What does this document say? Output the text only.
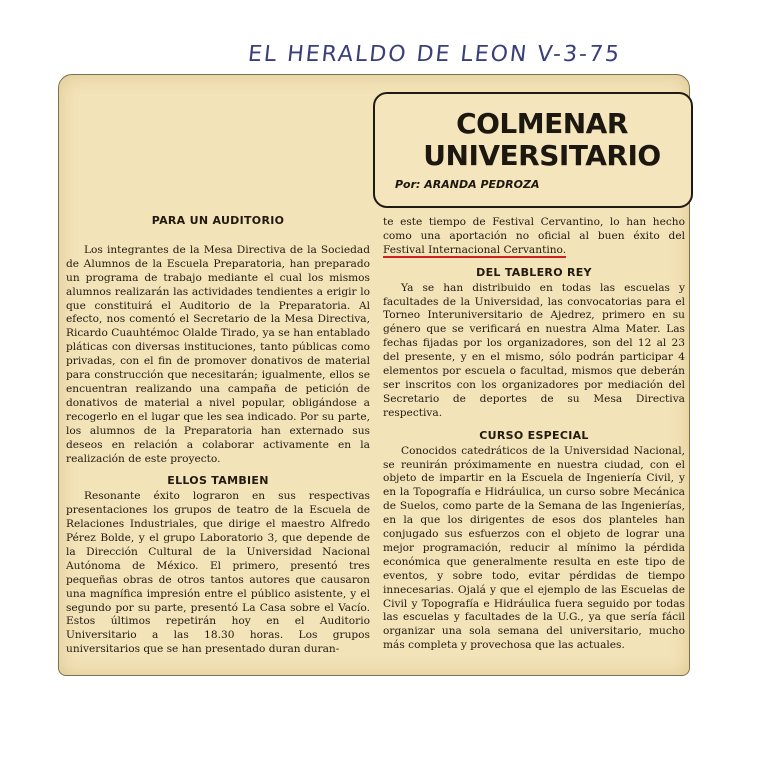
EL HERALDO DE LEON V-3-75
COLMENAR
UNIVERSITARIO
Por: ARANDA PEDROZA
PARA UN AUDITORIO

Los integrantes de la Mesa Directiva de la Sociedad de Alumnos de la Escuela Preparatoria, han preparado un programa de trabajo mediante el cual los mismos alumnos realizarán las actividades tendientes a erigir lo que constituirá el Auditorio de la Preparatoria. Al efecto, nos comentó el Secretario de la Mesa Directiva, Ricardo Cuauhtémoc Olalde Tirado, ya se han entablado pláticas con diversas instituciones, tanto públicas como privadas, con el fin de promover donativos de material para construcción que necesitarán; igualmente, ellos se encuentran realizando una campaña de petición de donativos de material a nivel popular, obligándose a recogerlo en el lugar que les sea indicado. Por su parte, los alumnos de la Preparatoria han externado sus deseos en relación a colaborar activamente en la realización de este proyecto.

ELLOS TAMBIEN

Resonante éxito lograron en sus respectivas presentaciones los grupos de teatro de la Escuela de Relaciones Industriales, que dirige el maestro Alfredo Pérez Bolde, y el grupo Laboratorio 3, que depende de la Dirección Cultural de la Universidad Nacional Autónoma de México. El primero, presentó tres pequeñas obras de otros tantos autores que causaron una magnífica impresión entre el público asistente, y el segundo por su parte, presentó La Casa sobre el Vacío. Estos últimos repetirán hoy en el Auditorio Universitario a las 18.30 horas. Los grupos universitarios que se han presentado duran duran-

te este tiempo de Festival Cervantino, lo han hecho como una aportación no oficial al buen éxito del Festival Internacional Cervantino.

DEL TABLERO REY

Ya se han distribuido en todas las escuelas y facultades de la Universidad, las convocatorias para el Torneo Interuniversitario de Ajedrez, primero en su género que se verificará en nuestra Alma Mater. Las fechas fijadas por los organizadores, son del 12 al 23 del presente, y en el mismo, sólo podrán participar 4 elementos por escuela o facultad, mismos que deberán ser inscritos con los organizadores por mediación del Secretario de deportes de su Mesa Directiva respectiva.

CURSO ESPECIAL

Conocidos catedráticos de la Universidad Nacional, se reunirán próximamente en nuestra ciudad, con el objeto de impartir en la Escuela de Ingeniería Civil, y en la Topografía e Hidráulica, un curso sobre Mecánica de Suelos, como parte de la Semana de las Ingenierías, en la que los dirigentes de esos dos planteles han conjugado sus esfuerzos con el objeto de lograr una mejor programación, reducir al mínimo la pérdida económica que generalmente resulta en este tipo de eventos, y sobre todo, evitar pérdidas de tiempo innecesarias. Ojalá y que el ejemplo de las Escuelas de Civil y Topografía e Hidráulica fuera seguido por todas las escuelas y facultades de la U.G., ya que sería fácil organizar una sola semana del universitario, mucho más completa y provechosa que las actuales.
